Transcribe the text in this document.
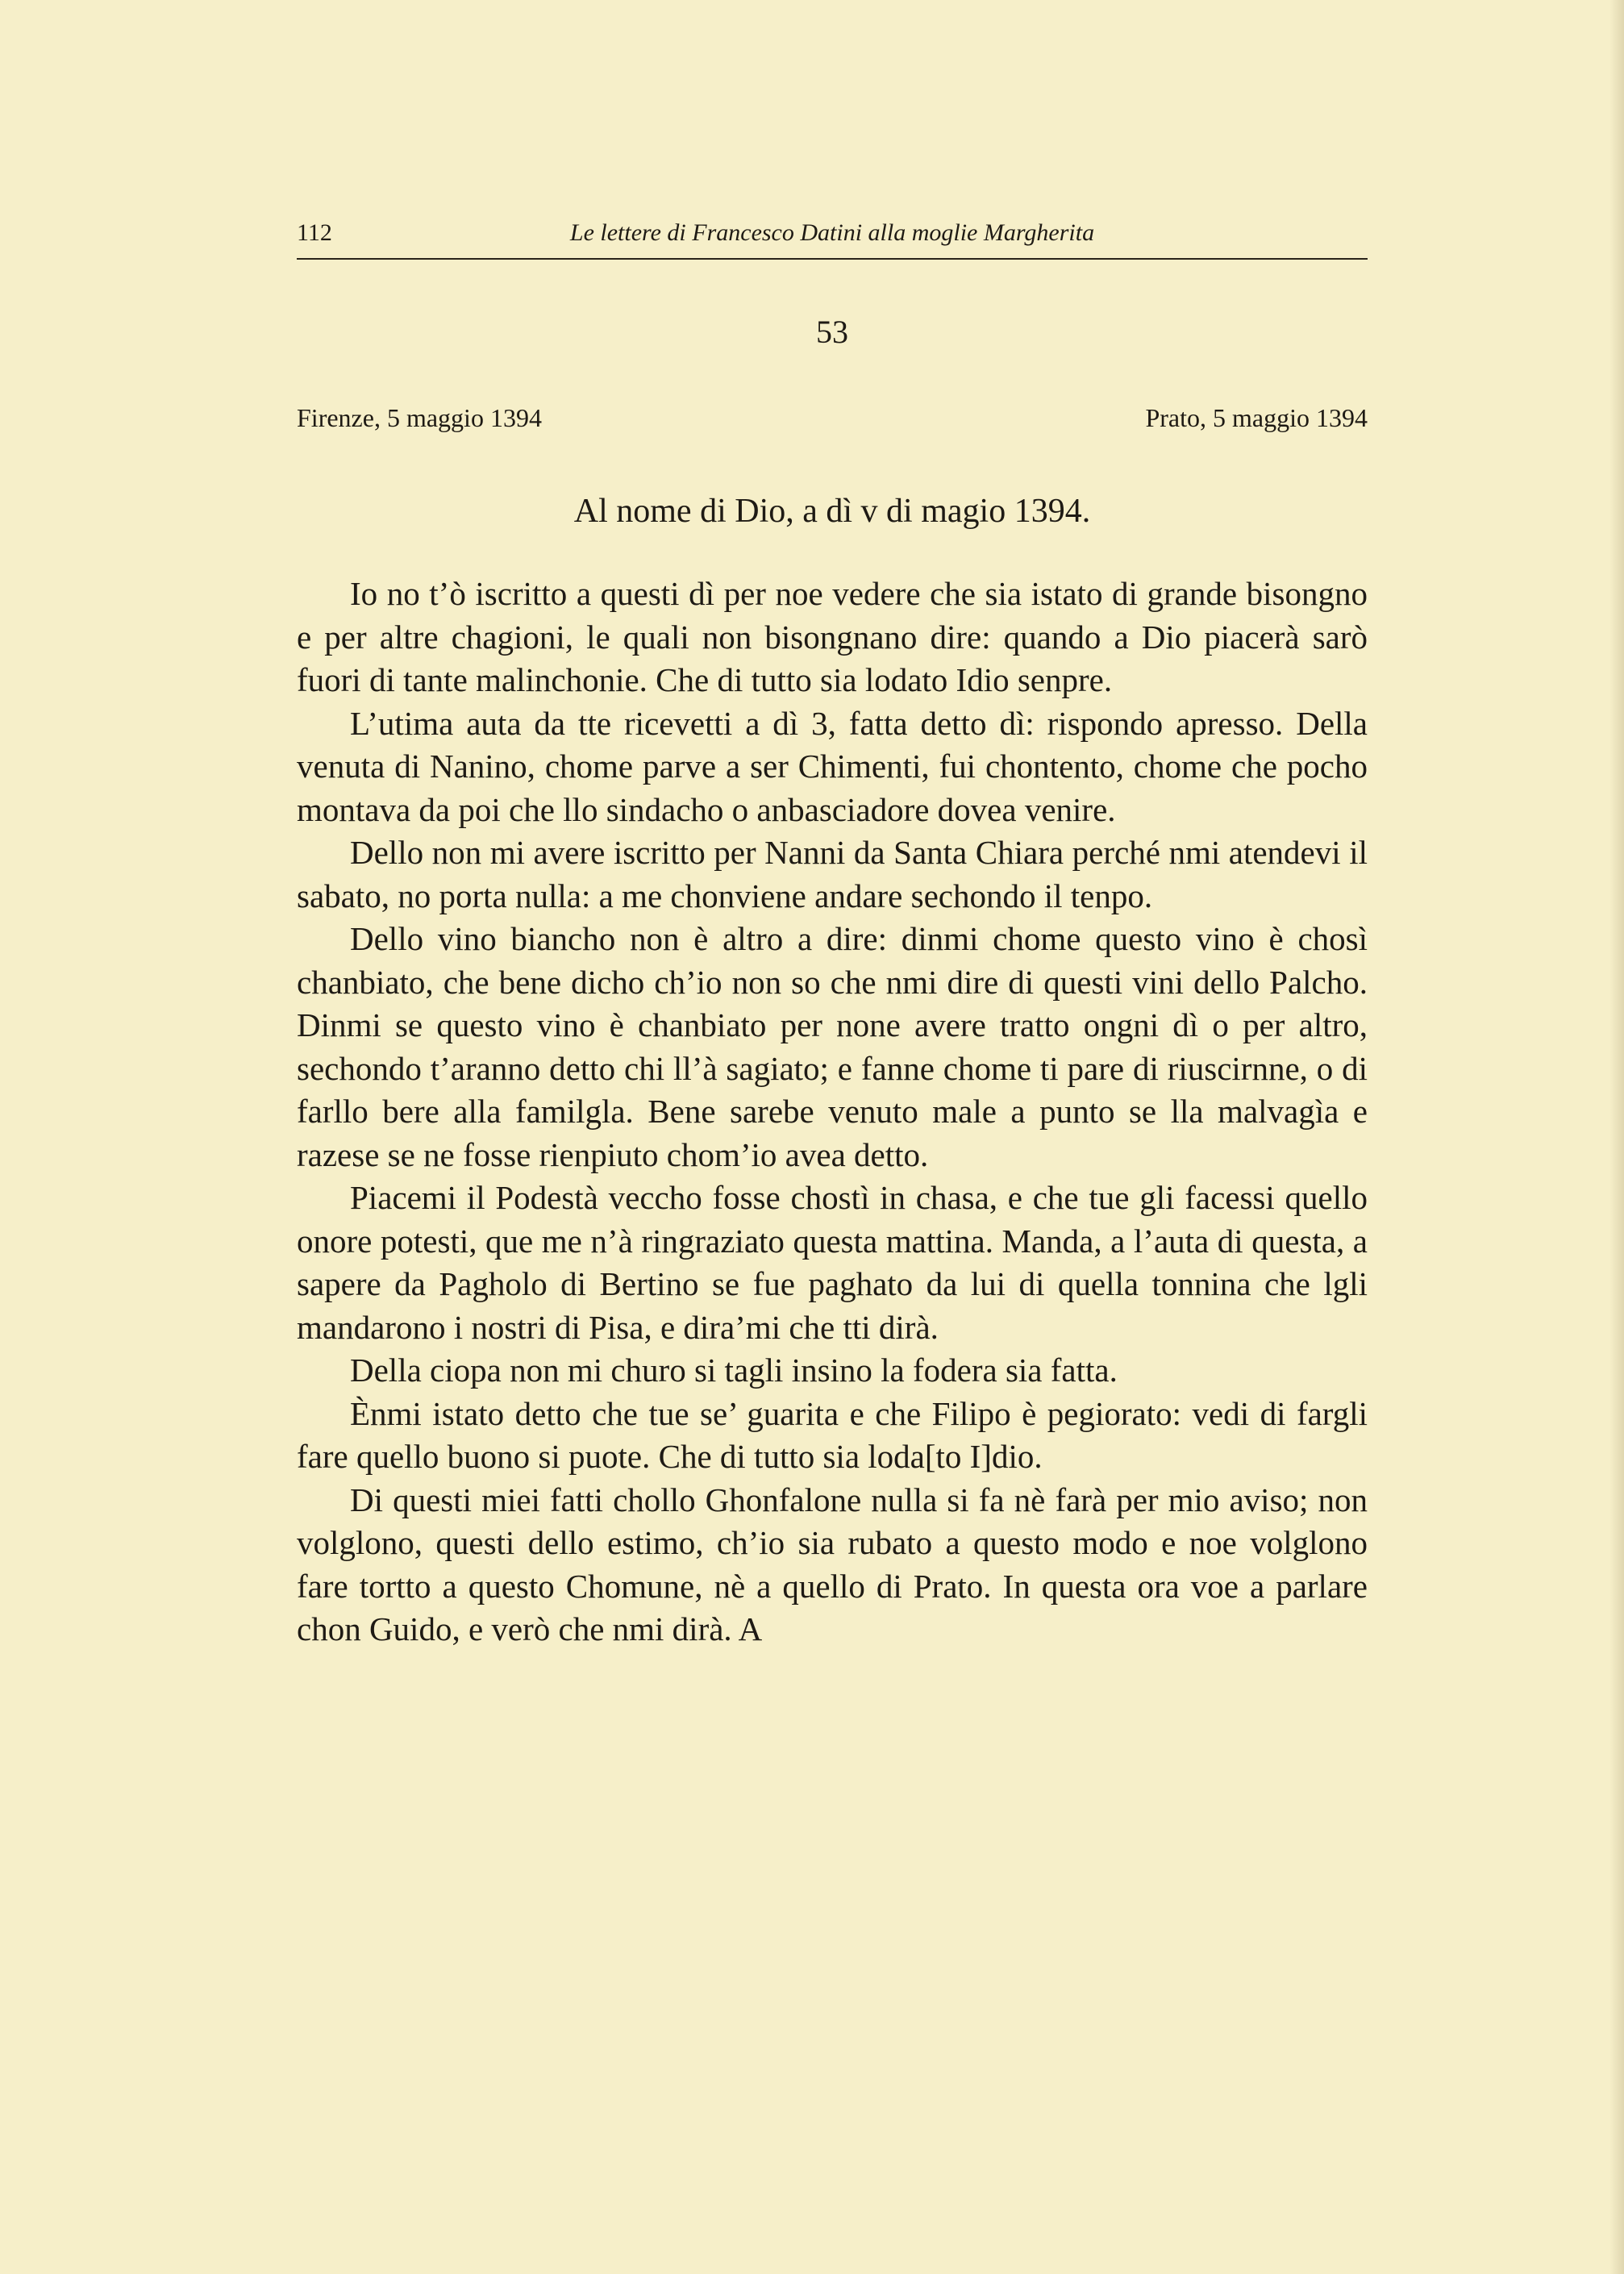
112	Le lettere di Francesco Datini alla moglie Margherita
53
Firenze, 5 maggio 1394	Prato, 5 maggio 1394
Al nome di Dio, a dì v di magio 1394.

Io no t’ò iscritto a questi dì per noe vedere che sia istato di grande bisongno e per altre chagioni, le quali non bisongnano dire: quando a Dio piacerà sarò fuori di tante malinchonie. Che di tutto sia lodato Idio senpre.

L’utima auta da tte ricevetti a dì 3, fatta detto dì: rispondo apresso. Della venuta di Nanino, chome parve a ser Chimenti, fui chontento, chome che pocho montava da poi che llo sindacho o anbasciadore dovea venire.

Dello non mi avere iscritto per Nanni da Santa Chiara perché nmi atendevi il sabato, no porta nulla: a me chonviene andare sechondo il tenpo.

Dello vino biancho non è altro a dire: dinmi chome questo vino è chosì chanbiato, che bene dicho ch’io non so che nmi dire di questi vini dello Palcho. Dinmi se questo vino è chanbiato per none avere tratto ongni dì o per altro, sechondo t’aranno detto chi ll’à sagiato; e fanne chome ti pare di riuscirnne, o di farllo bere alla familgla. Bene sarebe venuto male a punto se lla malvagìa e razese se ne fosse rienpiuto chom’io avea detto.

Piacemi il Podestà vecchо fosse chostì in chasa, e che tue gli facessi quello onore potesti, que me n’à ringraziato questa mattina. Manda, a l’auta di questa, a sapere da Pagholo di Bertino se fue paghato da lui di quella tonnina che lgli mandarono i nostri di Pisa, e dira’mi che tti dirà.

Della ciopa non mi churo si tagli insino la fodera sia fatta.

Ènmi istato detto che tue se’ guarita e che Filipo è pegiorato: vedi di fargli fare quello buono si puote. Che di tutto sia loda[to I]dio.

Di questi miei fatti chollo Ghonfalone nulla si fa nè farà per mio aviso; non volglono, questi dello estimo, ch’io sia rubato a questo modo e noe volglono fare tortto a questo Chomune, nè a quello di Prato. In questa ora voe a parlare chon Guido, e verò che nmi dirà. A
